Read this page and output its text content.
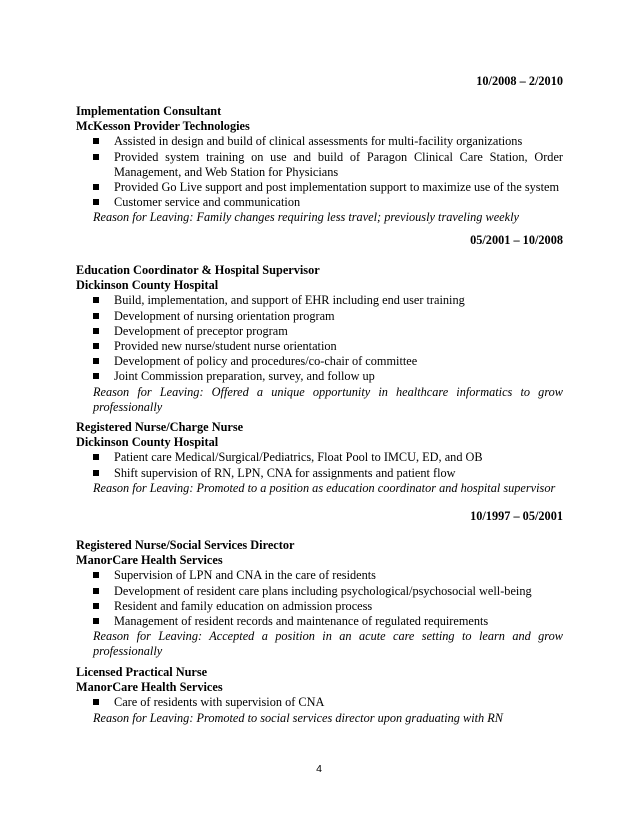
10/2008 – 2/2010
Implementation Consultant
McKesson Provider Technologies
Assisted in design and build of clinical assessments for multi-facility organizations
Provided system training on use and build of Paragon Clinical Care Station, Order Management, and Web Station for Physicians
Provided Go Live support and post implementation support to maximize use of the system
Customer service and communication
Reason for Leaving: Family changes requiring less travel; previously traveling weekly
05/2001 – 10/2008
Education Coordinator & Hospital Supervisor
Dickinson County Hospital
Build, implementation, and support of EHR including end user training
Development of nursing orientation program
Development of preceptor program
Provided new nurse/student nurse orientation
Development of policy and procedures/co-chair of committee
Joint Commission preparation, survey, and follow up
Reason for Leaving: Offered a unique opportunity in healthcare informatics to grow professionally
Registered Nurse/Charge Nurse
Dickinson County Hospital
Patient care Medical/Surgical/Pediatrics, Float Pool to IMCU, ED, and OB
Shift supervision of RN, LPN, CNA for assignments and patient flow
Reason for Leaving: Promoted to a position as education coordinator and hospital supervisor
10/1997 – 05/2001
Registered Nurse/Social Services Director
ManorCare Health Services
Supervision of LPN and CNA in the care of residents
Development of resident care plans including psychological/psychosocial well-being
Resident and family education on admission process
Management of resident records and maintenance of regulated requirements
Reason for Leaving: Accepted a position in an acute care setting to learn and grow professionally
Licensed Practical Nurse
ManorCare Health Services
Care of residents with supervision of CNA
Reason for Leaving: Promoted to social services director upon graduating with RN
4
